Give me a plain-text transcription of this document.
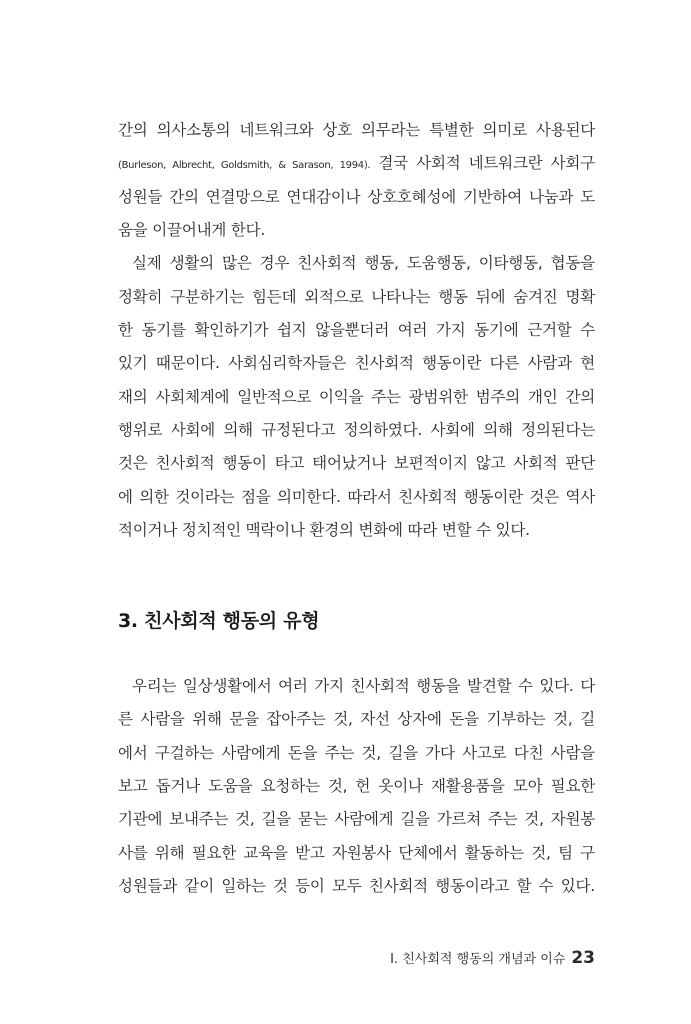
간의 의사소통의 네트워크와 상호 의무라는 특별한 의미로 사용된다
(Burleson, Albrecht, Goldsmith, & Sarason, 1994). 결국 사회적 네트워크란 사회구
성원들 간의 연결망으로 연대감이나 상호호혜성에 기반하여 나눔과 도
움을 이끌어내게 한다.
실제 생활의 많은 경우 친사회적 행동, 도움행동, 이타행동, 협동을
정확히 구분하기는 힘든데 외적으로 나타나는 행동 뒤에 숨겨진 명확
한 동기를 확인하기가 쉽지 않을뿐더러 여러 가지 동기에 근거할 수
있기 때문이다. 사회심리학자들은 친사회적 행동이란 다른 사람과 현
재의 사회체계에 일반적으로 이익을 주는 광범위한 범주의 개인 간의
행위로 사회에 의해 규정된다고 정의하였다. 사회에 의해 정의된다는
것은 친사회적 행동이 타고 태어났거나 보편적이지 않고 사회적 판단
에 의한 것이라는 점을 의미한다. 따라서 친사회적 행동이란 것은 역사
적이거나 정치적인 맥락이나 환경의 변화에 따라 변할 수 있다.
3. 친사회적 행동의 유형
우리는 일상생활에서 여러 가지 친사회적 행동을 발견할 수 있다. 다
른 사람을 위해 문을 잡아주는 것, 자선 상자에 돈을 기부하는 것, 길
에서 구걸하는 사람에게 돈을 주는 것, 길을 가다 사고로 다친 사람을
보고 돕거나 도움을 요청하는 것, 헌 옷이나 재활용품을 모아 필요한
기관에 보내주는 것, 길을 묻는 사람에게 길을 가르쳐 주는 것, 자원봉
사를 위해 필요한 교육을 받고 자원봉사 단체에서 활동하는 것, 팀 구
성원들과 같이 일하는 것 등이 모두 친사회적 행동이라고 할 수 있다.
I. 친사회적 행동의 개념과 이슈 23
